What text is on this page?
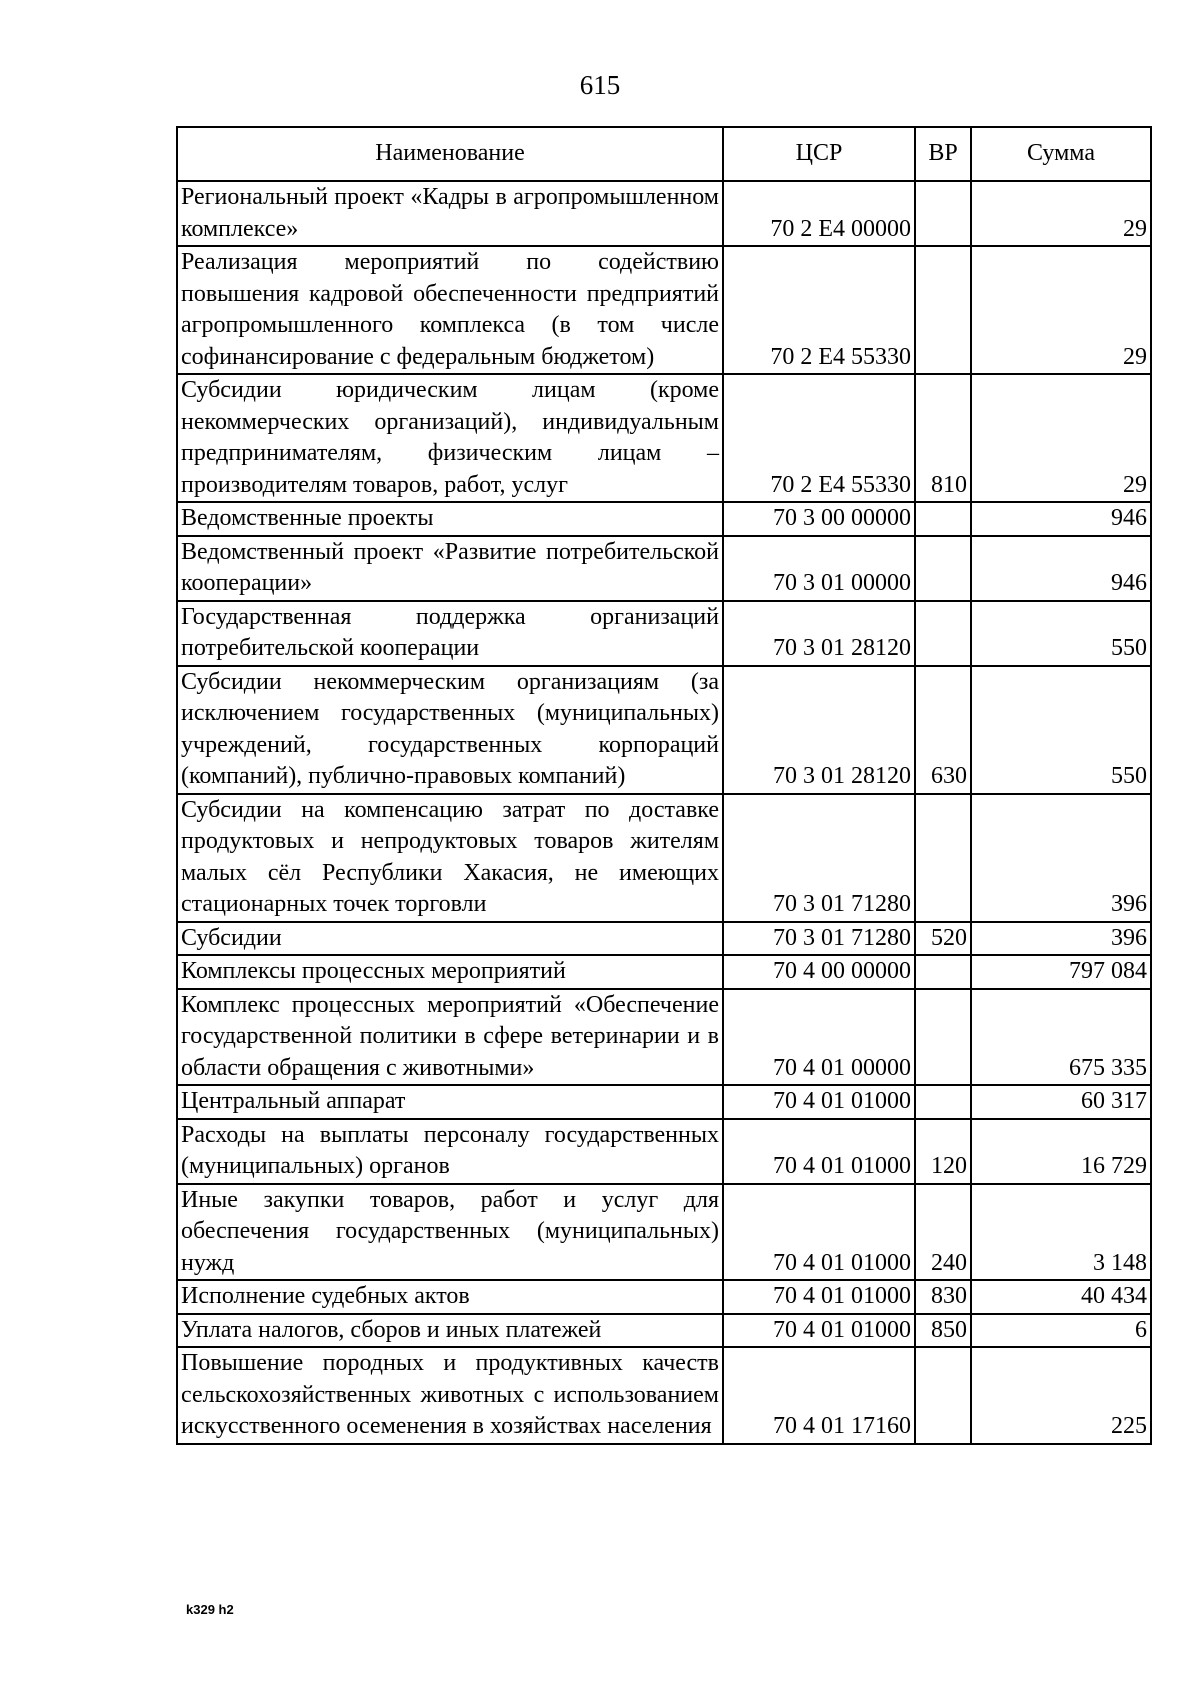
615
Наименование	ЦСР	ВР	Сумма
Региональный проект «Кадры в агропромышленном комплексе»	70 2 E4 00000		29
Реализация мероприятий по содействию повышения кадровой обеспеченности предприятий агропромышленного комплекса (в том числе софинансирование с федеральным бюджетом)	70 2 E4 55330		29
Субсидии юридическим лицам (кроме некоммерческих организаций), индивидуальным предпринимателям, физическим лицам – производителям товаров, работ, услуг	70 2 E4 55330	810	29
Ведомственные проекты	70 3 00 00000		946
Ведомственный проект «Развитие потребительской кооперации»	70 3 01 00000		946
Государственная поддержка организаций потребительской кооперации	70 3 01 28120		550
Субсидии некоммерческим организациям (за исключением государственных (муниципальных) учреждений, государственных корпораций (компаний), публично-правовых компаний)	70 3 01 28120	630	550
Субсидии на компенсацию затрат по доставке продуктовых и непродуктовых товаров жителям малых сёл Республики Хакасия, не имеющих стационарных точек торговли	70 3 01 71280		396
Субсидии	70 3 01 71280	520	396
Комплексы процессных мероприятий	70 4 00 00000		797 084
Комплекс процессных мероприятий «Обеспечение государственной политики в сфере ветеринарии и в области обращения с животными»	70 4 01 00000		675 335
Центральный аппарат	70 4 01 01000		60 317
Расходы на выплаты персоналу государственных (муниципальных) органов	70 4 01 01000	120	16 729
Иные закупки товаров, работ и услуг для обеспечения государственных (муниципальных) нужд	70 4 01 01000	240	3 148
Исполнение судебных актов	70 4 01 01000	830	40 434
Уплата налогов, сборов и иных платежей	70 4 01 01000	850	6
Повышение породных и продуктивных качеств сельскохозяйственных животных с использованием искусственного осеменения в хозяйствах населения	70 4 01 17160		225
k329 h2
